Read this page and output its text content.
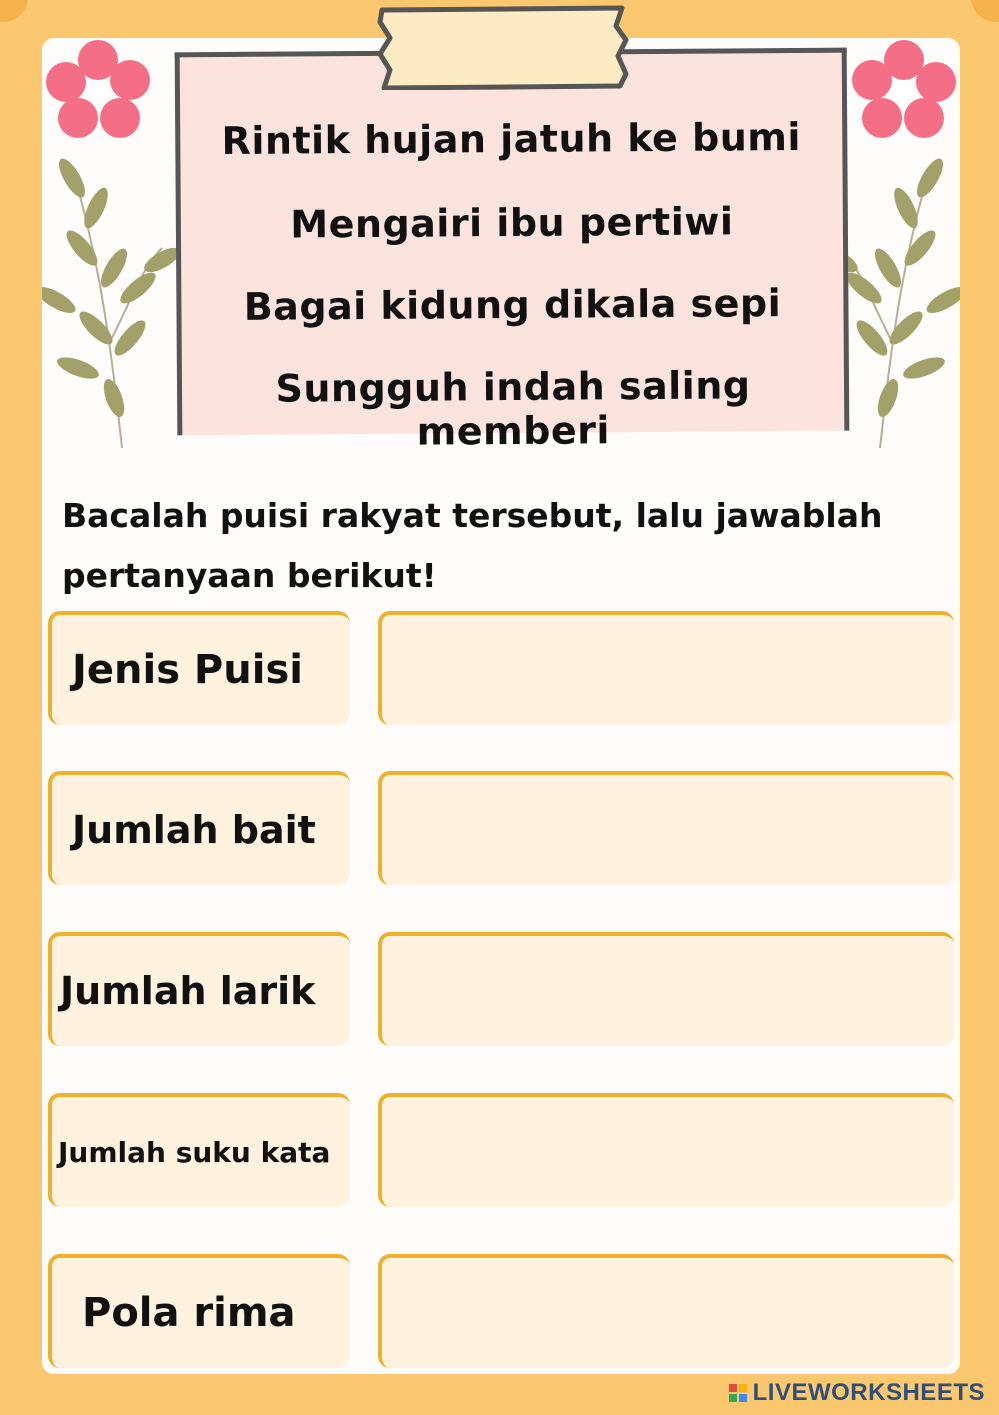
Rintik hujan jatuh ke bumi
Mengairi ibu pertiwi
Bagai kidung dikala sepi
Sungguh indah saling memberi
Bacalah puisi rakyat tersebut, lalu jawablah pertanyaan berikut!
Jenis Puisi
Jumlah bait
Jumlah larik
Jumlah suku kata
Pola rima
LIVEWORKSHEETS
